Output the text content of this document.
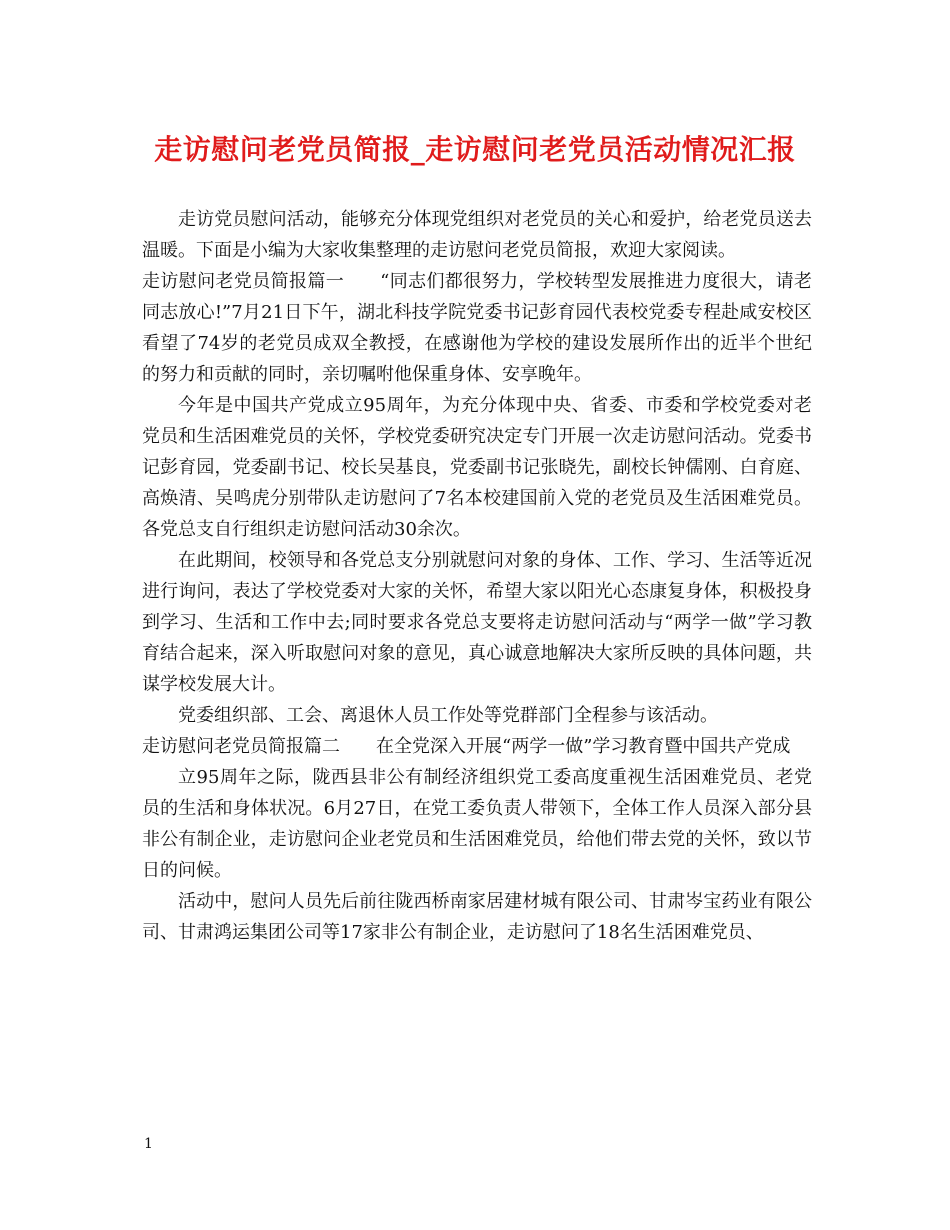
走访慰问老党员简报_走访慰问老党员活动情况汇报

走访党员慰问活动，能够充分体现党组织对老党员的关心和爱护，给老党员送去温暖。下面是小编为大家收集整理的走访慰问老党员简报，欢迎大家阅读。

走访慰问老党员简报篇一 “同志们都很努力，学校转型发展推进力度很大，请老同志放心!”7月21日下午，湖北科技学院党委书记彭育园代表校党委专程赴咸安校区看望了74岁的老党员成双全教授，在感谢他为学校的建设发展所作出的近半个世纪的努力和贡献的同时，亲切嘱咐他保重身体、安享晚年。

今年是中国共产党成立95周年，为充分体现中央、省委、市委和学校党委对老党员和生活困难党员的关怀，学校党委研究决定专门开展一次走访慰问活动。党委书记彭育园，党委副书记、校长吴基良，党委副书记张晓先，副校长钟儒刚、白育庭、高焕清、吴鸣虎分别带队走访慰问了7名本校建国前入党的老党员及生活困难党员。各党总支自行组织走访慰问活动30余次。

在此期间，校领导和各党总支分别就慰问对象的身体、工作、学习、生活等近况进行询问，表达了学校党委对大家的关怀，希望大家以阳光心态康复身体，积极投身到学习、生活和工作中去;同时要求各党总支要将走访慰问活动与“两学一做”学习教育结合起来，深入听取慰问对象的意见，真心诚意地解决大家所反映的具体问题，共谋学校发展大计。

党委组织部、工会、离退休人员工作处等党群部门全程参与该活动。

走访慰问老党员简报篇二 在全党深入开展“两学一做”学习教育暨中国共产党成

立95周年之际，陇西县非公有制经济组织党工委高度重视生活困难党员、老党员的生活和身体状况。6月27日，在党工委负责人带领下，全体工作人员深入部分县非公有制企业，走访慰问企业老党员和生活困难党员，给他们带去党的关怀，致以节日的问候。

活动中，慰问人员先后前往陇西桥南家居建材城有限公司、甘肃岑宝药业有限公司、甘肃鸿运集团公司等17家非公有制企业，走访慰问了18名生活困难党员、

1
